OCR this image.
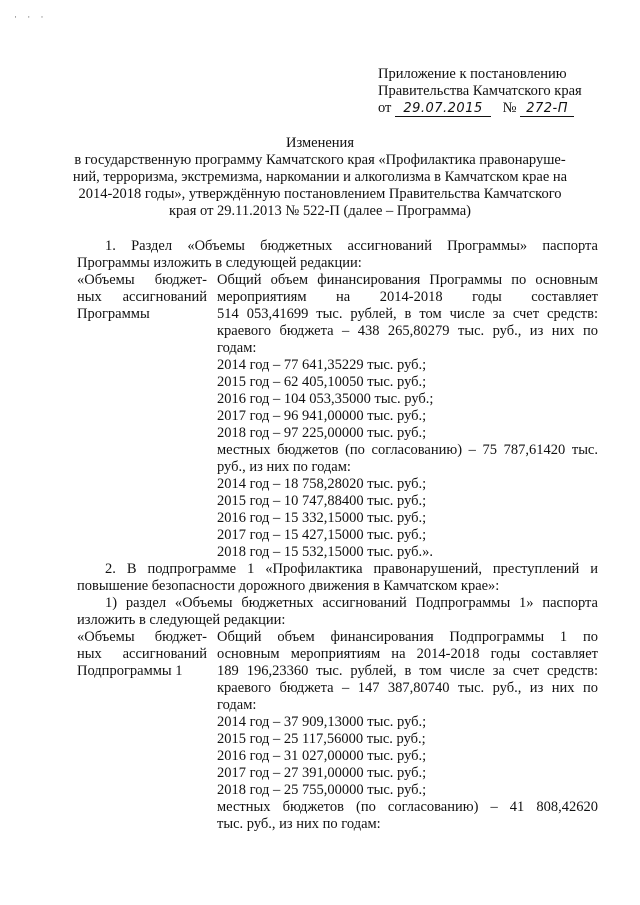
· · ·
Приложение к постановлению
Правительства Камчатского края
от 29.07.2015 № 272-П
Изменения
в государственную программу Камчатского края «Профилактика правонаруше-
ний, терроризма, экстремизма, наркомании и алкоголизма в Камчатском крае на
2014-2018 годы», утверждённую постановлением Правительства Камчатского
края от 29.11.2013 № 522-П (далее – Программа)
1. Раздел «Объемы бюджетных ассигнований Программы» паспорта
Программы изложить в следующей редакции:
«Объемы бюджет-
ных ассигнований
Программы
Общий объем финансирования Программы по основным
мероприятиям на 2014-2018 годы составляет
514 053,41699 тыс. рублей, в том числе за счет средств:
краевого бюджета – 438 265,80279 тыс. руб., из них по
годам:
2014 год – 77 641,35229 тыс. руб.;
2015 год – 62 405,10050 тыс. руб.;
2016 год – 104 053,35000 тыс. руб.;
2017 год – 96 941,00000 тыс. руб.;
2018 год – 97 225,00000 тыс. руб.;
местных бюджетов (по согласованию) – 75 787,61420 тыс.
руб., из них по годам:
2014 год – 18 758,28020 тыс. руб.;
2015 год – 10 747,88400 тыс. руб.;
2016 год – 15 332,15000 тыс. руб.;
2017 год – 15 427,15000 тыс. руб.;
2018 год – 15 532,15000 тыс. руб.».
2. В подпрограмме 1 «Профилактика правонарушений, преступлений и
повышение безопасности дорожного движения в Камчатском крае»:
1) раздел «Объемы бюджетных ассигнований Подпрограммы 1» паспорта
изложить в следующей редакции:
«Объемы бюджет-
ных ассигнований
Подпрограммы 1
Общий объем финансирования Подпрограммы 1 по
основным мероприятиям на 2014-2018 годы составляет
189 196,23360 тыс. рублей, в том числе за счет средств:
краевого бюджета – 147 387,80740 тыс. руб., из них по
годам:
2014 год – 37 909,13000 тыс. руб.;
2015 год – 25 117,56000 тыс. руб.;
2016 год – 31 027,00000 тыс. руб.;
2017 год – 27 391,00000 тыс. руб.;
2018 год – 25 755,00000 тыс. руб.;
местных бюджетов (по согласованию) – 41 808,42620
тыс. руб., из них по годам:
